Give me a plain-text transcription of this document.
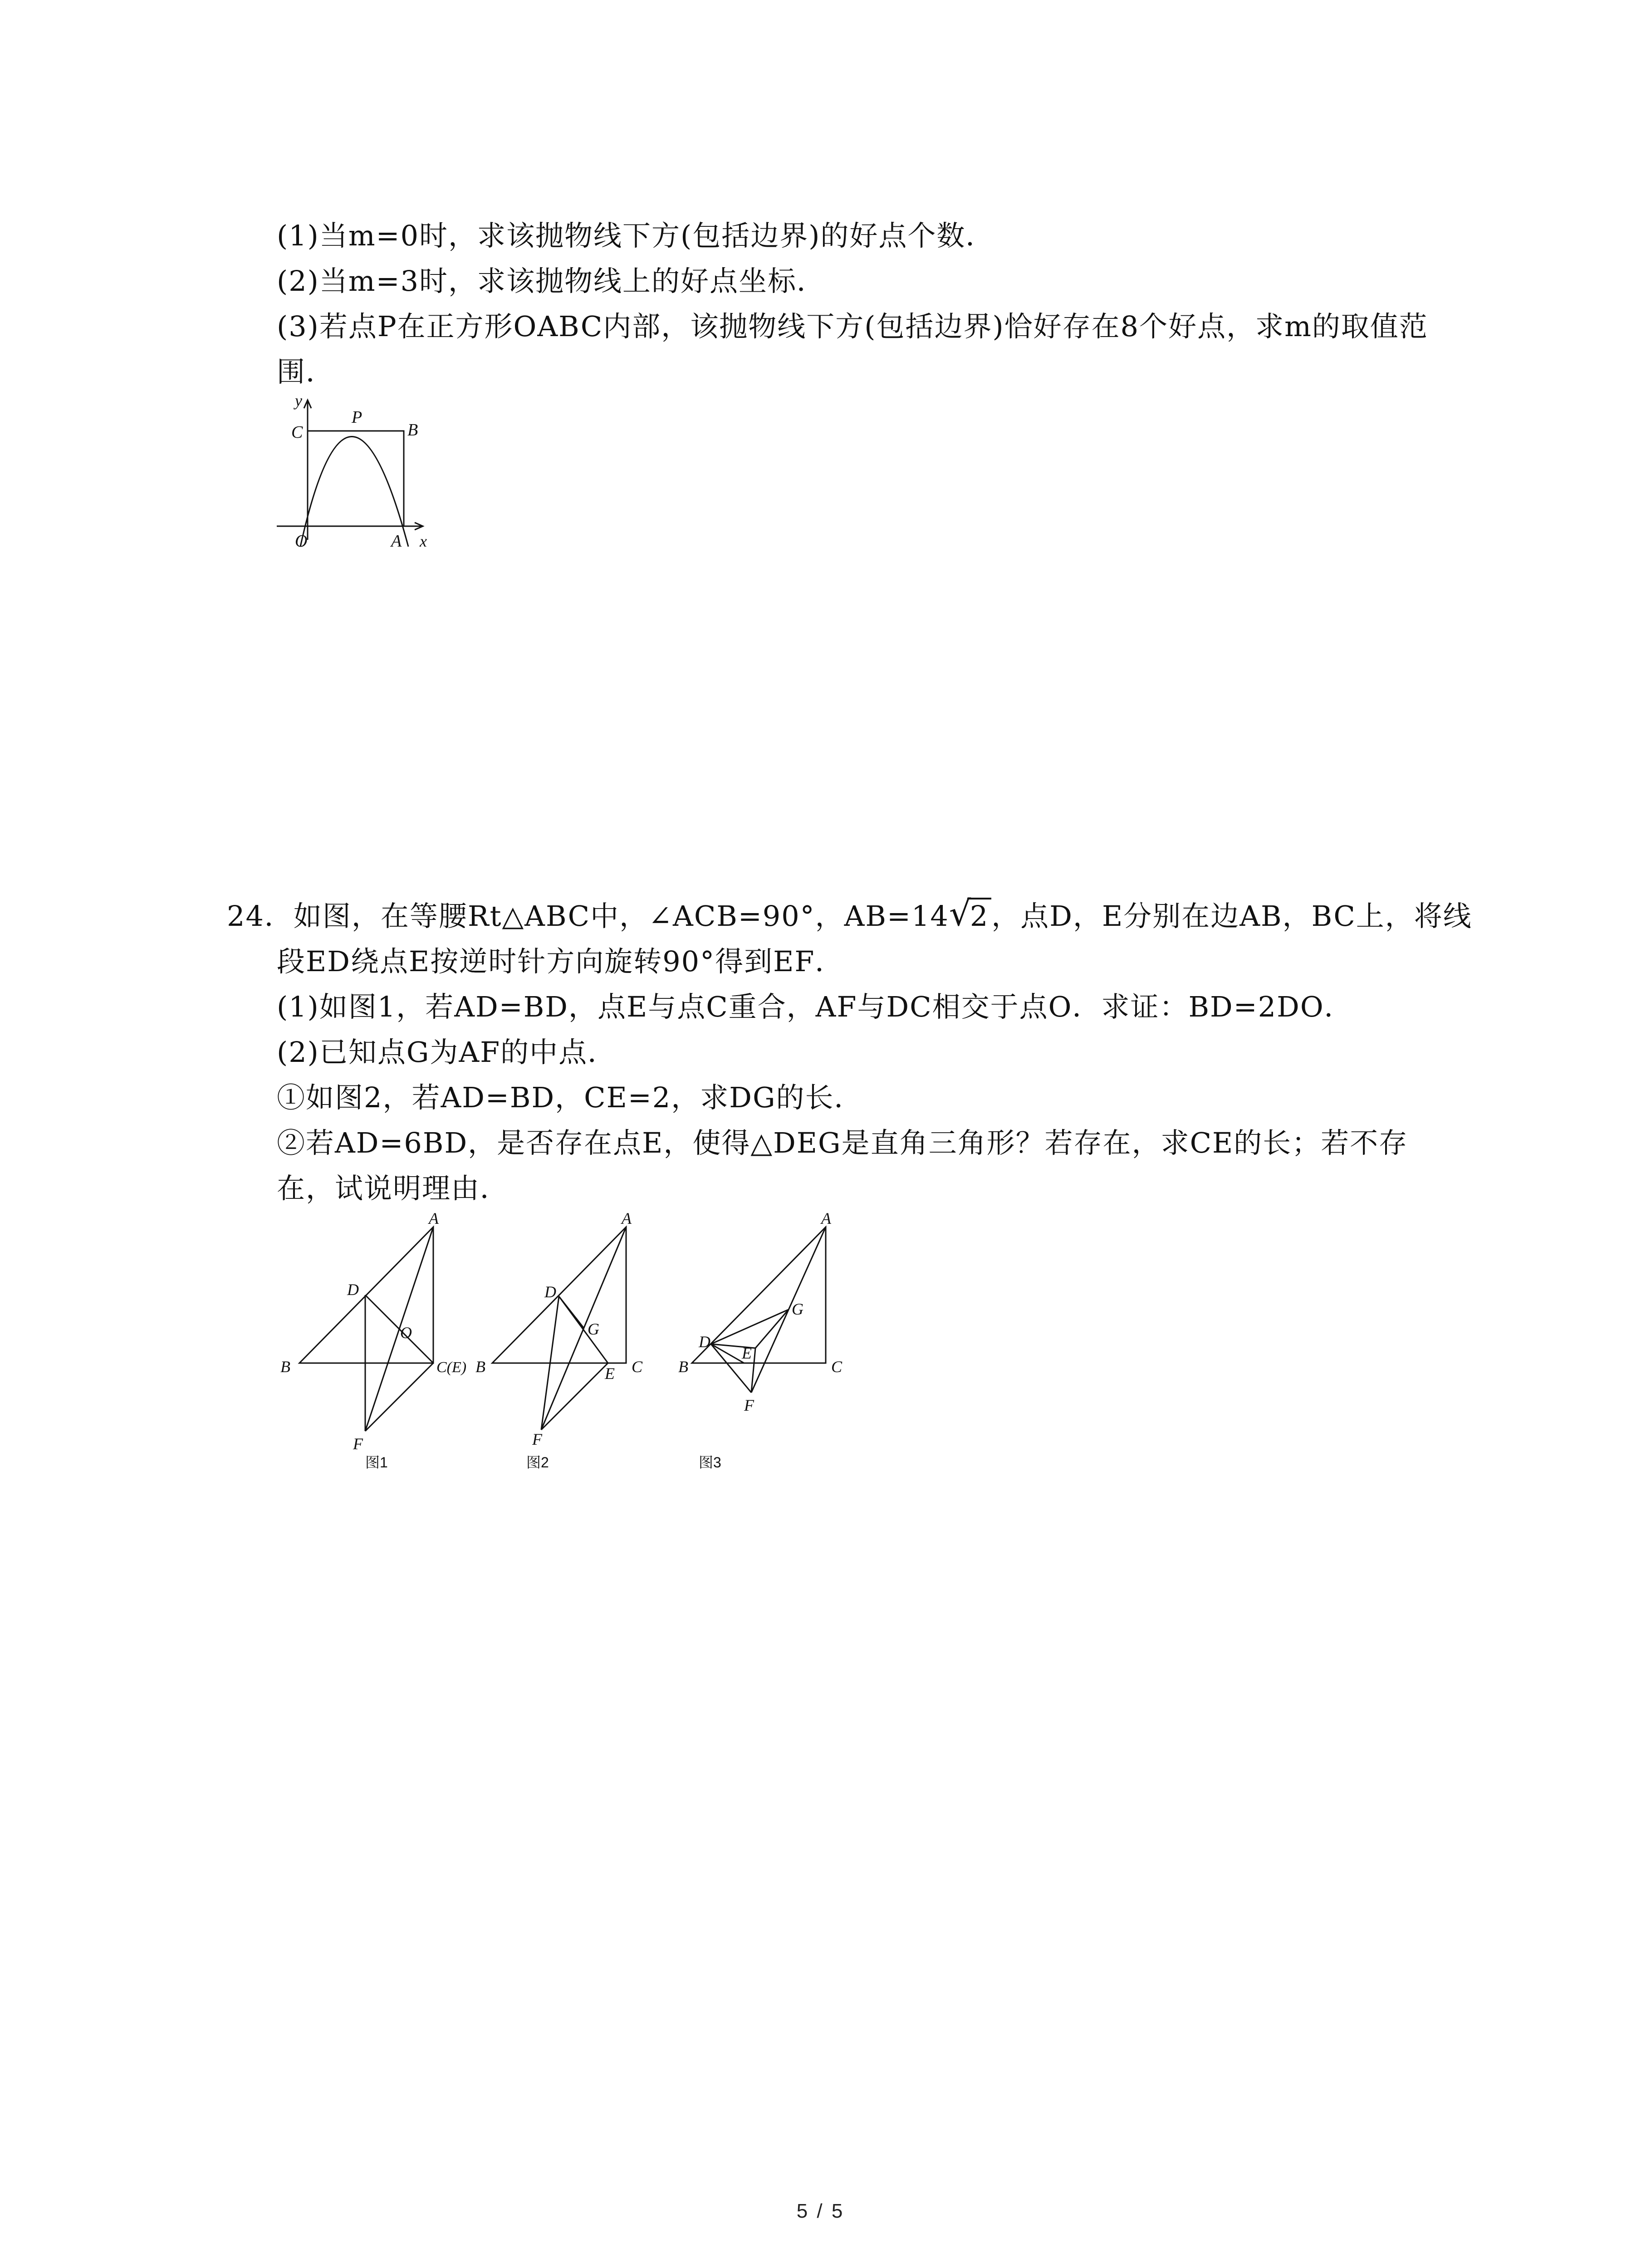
(1)当m=0时，求该抛物线下方(包括边界)的好点个数．
(2)当m=3时，求该抛物线上的好点坐标．
(3)若点P在正方形OABC内部，该抛物线下方(包括边界)恰好存在8个好点，求m的取值范
围．
y
x
P
C	B
O	A
24．如图，在等腰Rt△ABC中，∠ACB=90°，AB=14 √
2，点D，E分别在边AB，BC上，将线
段ED绕点E按逆时针方向旋转90°得到EF．
(1)如图1，若AD=BD，点E与点C重合，AF与DC相交于点O．求证：BD=2DO．
(2)已知点G为AF的中点．
①如图2，若AD=BD，CE=2，求DG的长．
②若AD=6BD，是否存在点E，使得△DEG是直角三角形？若存在，求CE的长；若不存
在，试说明理由．
A
B	C(E)
D
O
F
图1
A
B	C
D
G
E
F
图2
A
B	C
D
E
G
F
图3
5 / 5
